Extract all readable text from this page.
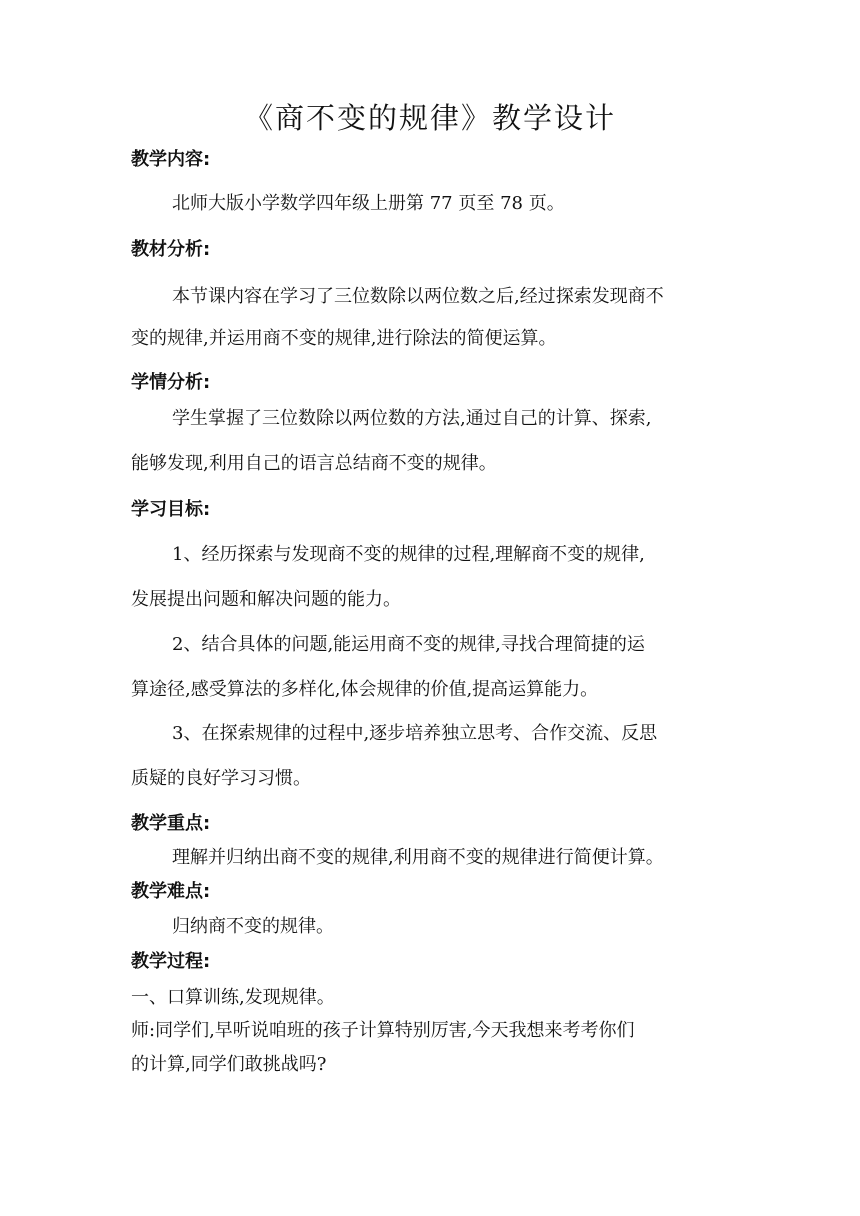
《商不变的规律》教学设计
教学内容:
北师大版小学数学四年级上册第 77 页至 78 页。
教材分析:
本节课内容在学习了三位数除以两位数之后,经过探索发现商不
变的规律,并运用商不变的规律,进行除法的简便运算。
学情分析:
学生掌握了三位数除以两位数的方法,通过自己的计算、探索,
能够发现,利用自己的语言总结商不变的规律。
学习目标:
1、经历探索与发现商不变的规律的过程,理解商不变的规律,
发展提出问题和解决问题的能力。
2、结合具体的问题,能运用商不变的规律,寻找合理简捷的运
算途径,感受算法的多样化,体会规律的价值,提高运算能力。
3、在探索规律的过程中,逐步培养独立思考、合作交流、反思
质疑的良好学习习惯。
教学重点:
理解并归纳出商不变的规律,利用商不变的规律进行简便计算。
教学难点:
归纳商不变的规律。
教学过程:
一、口算训练,发现规律。
师:同学们,早听说咱班的孩子计算特别厉害,今天我想来考考你们
的计算,同学们敢挑战吗?
